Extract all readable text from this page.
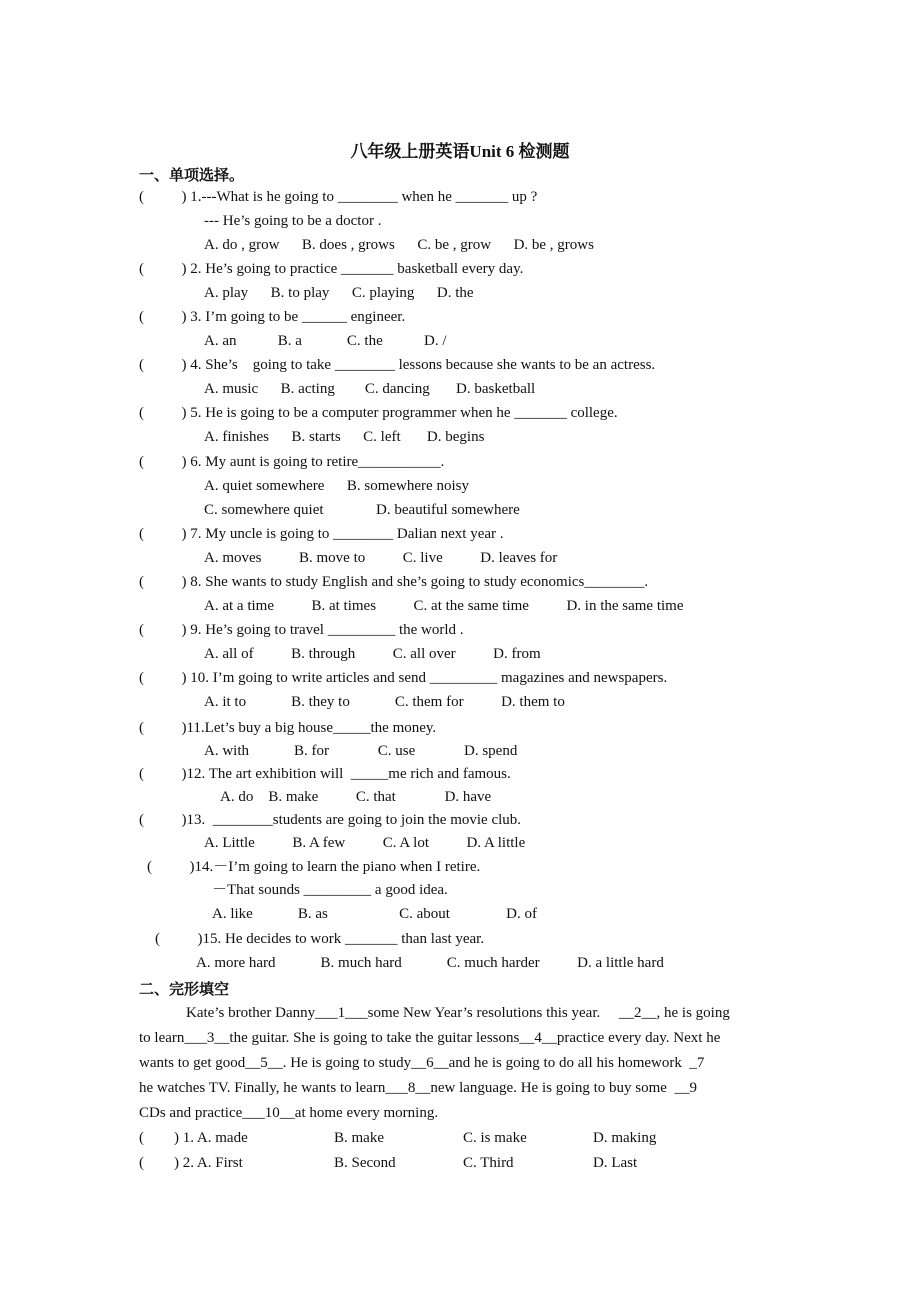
八年级上册英语Unit 6 检测题
一、单项选择。
(          ) 1.---What is he going to ________ when he _______ up ?
--- He’s going to be a doctor .
A. do , grow      B. does , grows      C. be , grow      D. be , grows
(          ) 2. He’s going to practice _______ basketball every day.
A. play      B. to play      C. playing      D. the
(          ) 3. I’m going to be ______ engineer.
A. an           B. a            C. the           D. /
(          ) 4. She’s    going to take ________ lessons because she wants to be an actress.
A. music      B. acting        C. dancing       D. basketball
(          ) 5. He is going to be a computer programmer when he _______ college.
A. finishes      B. starts      C. left       D. begins
(          ) 6. My aunt is going to retire___________.
A. quiet somewhere      B. somewhere noisy
C. somewhere quiet              D. beautiful somewhere
(          ) 7. My uncle is going to ________ Dalian next year .
A. moves          B. move to          C. live          D. leaves for
(          ) 8. She wants to study English and she’s going to study economics________.
A. at a time          B. at times          C. at the same time          D. in the same time
(          ) 9. He’s going to travel _________ the world .
A. all of          B. through          C. all over          D. from
(          ) 10. I’m going to write articles and send _________ magazines and newspapers.
A. it to            B. they to            C. them for          D. them to
(          )11.Let’s buy a big house_____the money.
A. with            B. for             C. use             D. spend
(          )12. The art exhibition will  _____me rich and famous.
A. do    B. make          C. that             D. have
(          )13.  ________students are going to join the movie club.
A. Little          B. A few          C. A lot          D. A little
(          )14.－I’m going to learn the piano when I retire.
－That sounds _________ a good idea.
A. like            B. as                   C. about               D. of
(          )15. He decides to work _______ than last year.
A. more hard            B. much hard            C. much harder          D. a little hard
二、完形填空
Kate’s brother Danny___1___some New Year’s resolutions this year.     __2__, he is going
to learn___3__the guitar. She is going to take the guitar lessons__4__practice every day. Next he
wants to get good__5__. He is going to study__6__and he is going to do all his homework  _7
he watches TV. Finally, he wants to learn___8__new language. He is going to buy some  __9
CDs and practice___10__at home every morning.
(        ) 1. A. made	B. make	C. is make	D. making
(        ) 2. A. First	B. Second	C. Third	D. Last
